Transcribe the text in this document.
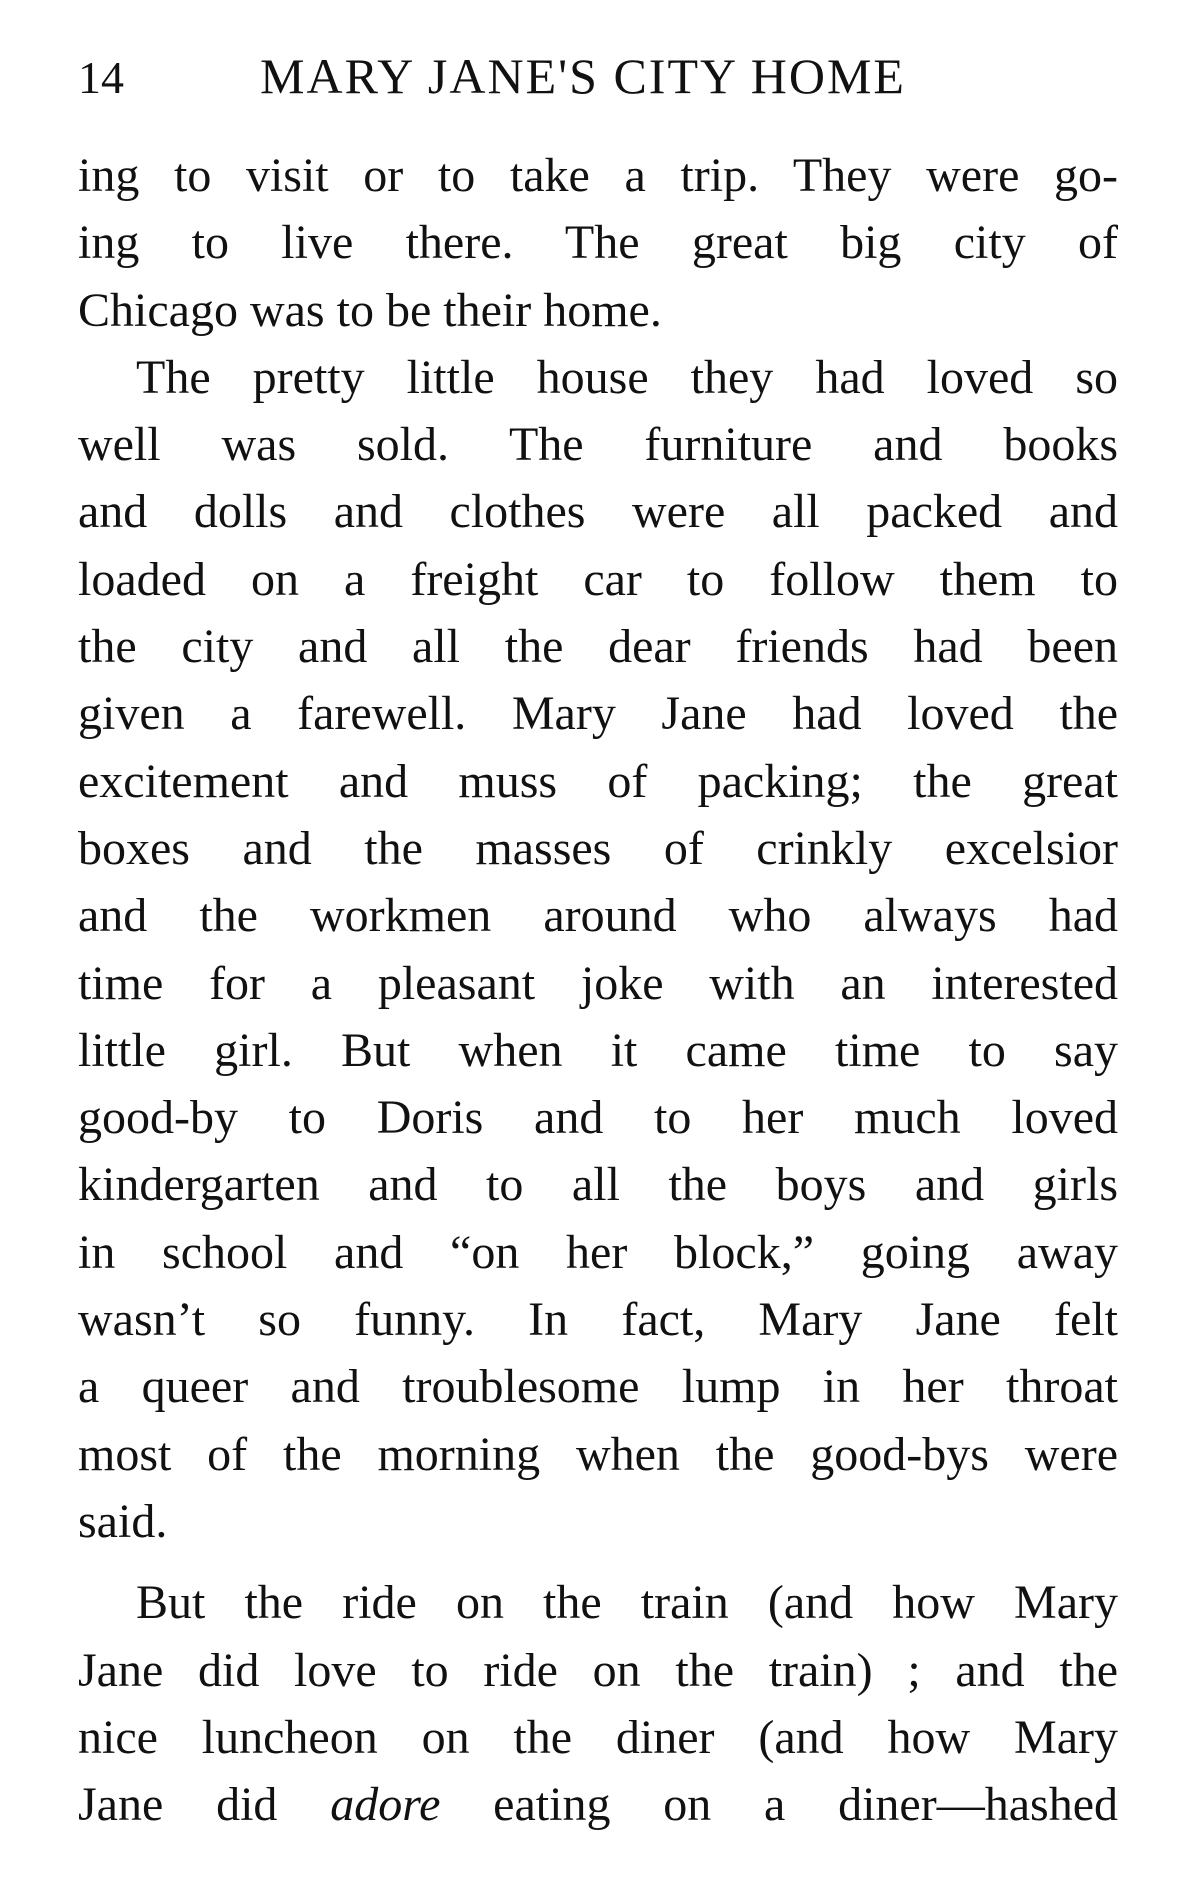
14	MARY JANE'S CITY HOME
ing to visit or to take a trip. They were go-
ing to live there. The great big city of
Chicago was to be their home.
The pretty little house they had loved so
well was sold. The furniture and books
and dolls and clothes were all packed and
loaded on a freight car to follow them to
the city and all the dear friends had been
given a farewell. Mary Jane had loved the
excitement and muss of packing; the great
boxes and the masses of crinkly excelsior
and the workmen around who always had
time for a pleasant joke with an interested
little girl. But when it came time to say
good-by to Doris and to her much loved
kindergarten and to all the boys and girls
in school and “on her block,” going away
wasn’t so funny. In fact, Mary Jane felt
a queer and troublesome lump in her throat
most of the morning when the good-bys were
said.
But the ride on the train (and how Mary
Jane did love to ride on the train) ; and the
nice luncheon on the diner (and how Mary
Jane did adore eating on a diner—hashed
